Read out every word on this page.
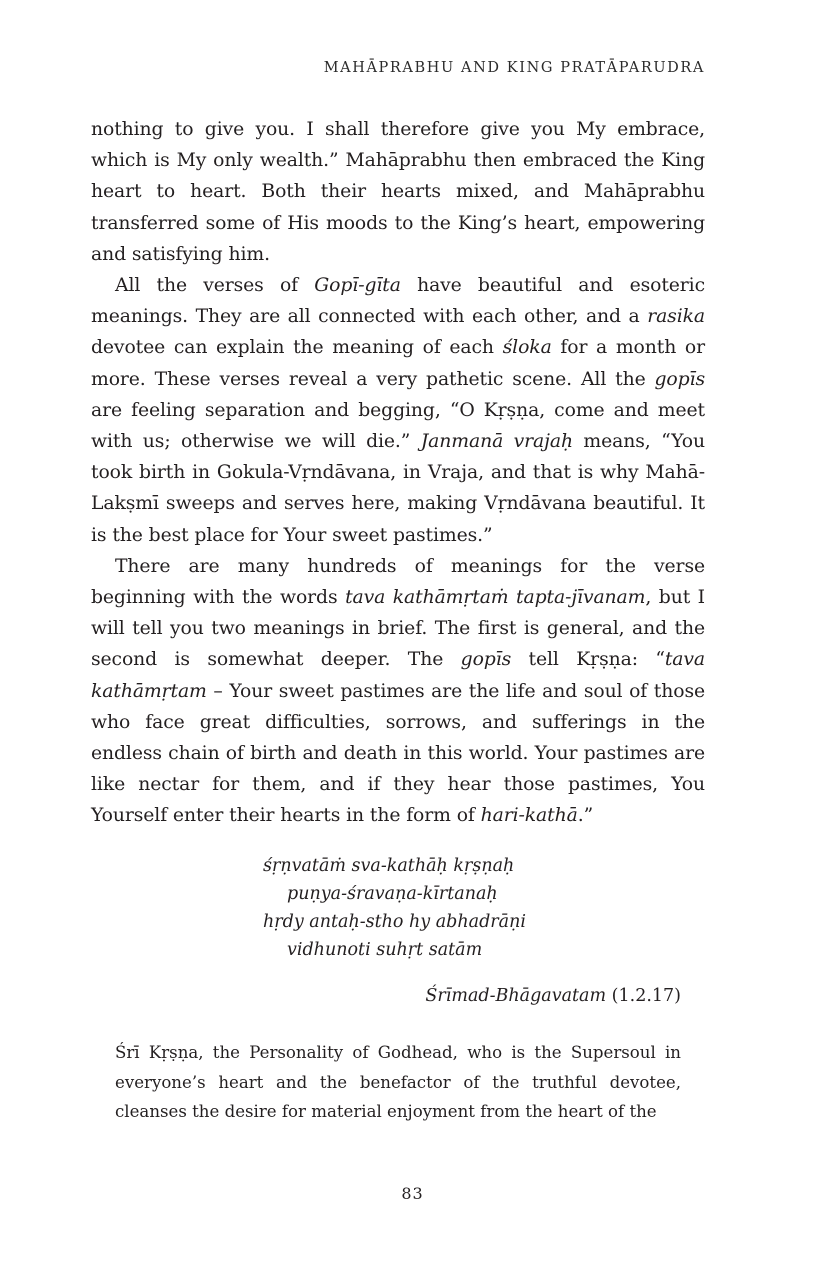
MAHĀPRABHU AND KING PRATĀPARUDRA

nothing to give you. I shall therefore give you My embrace, which is My only wealth.” Mahāprabhu then embraced the King heart to heart. Both their hearts mixed, and Mahāprabhu transferred some of His moods to the King’s heart, empowering and satisfying him.

All the verses of Gopī-gīta have beautiful and esoteric meanings. They are all connected with each other, and a rasika devotee can explain the meaning of each śloka for a month or more. These verses reveal a very pathetic scene. All the gopīs are feeling separation and begging, “O Kṛṣṇa, come and meet with us; otherwise we will die.” Janmanā vrajaḥ means, “You took birth in Gokula-Vṛndāvana, in Vraja, and that is why Mahā-Lakṣmī sweeps and serves here, making Vṛndāvana beautiful. It is the best place for Your sweet pastimes.”

There are many hundreds of meanings for the verse beginning with the words tava kathāmṛtaṁ tapta-jīvanam, but I will tell you two meanings in brief. The first is general, and the second is somewhat deeper. The gopīs tell Kṛṣṇa: “tava kathāmṛtam – Your sweet pastimes are the life and soul of those who face great difficulties, sorrows, and sufferings in the endless chain of birth and death in this world. Your pastimes are like nectar for them, and if they hear those pastimes, You Yourself enter their hearts in the form of hari-kathā.”

śṛṇvatāṁ sva-kathāḥ kṛṣṇaḥ
puṇya-śravaṇa-kīrtanaḥ
hṛdy antaḥ-stho hy abhadrāṇi
vidhunoti suhṛt satām
Śrīmad-Bhāgavatam (1.2.17)
Śrī Kṛṣṇa, the Personality of Godhead, who is the Supersoul in everyone’s heart and the benefactor of the truthful devotee, cleanses the desire for material enjoyment from the heart of the
83
